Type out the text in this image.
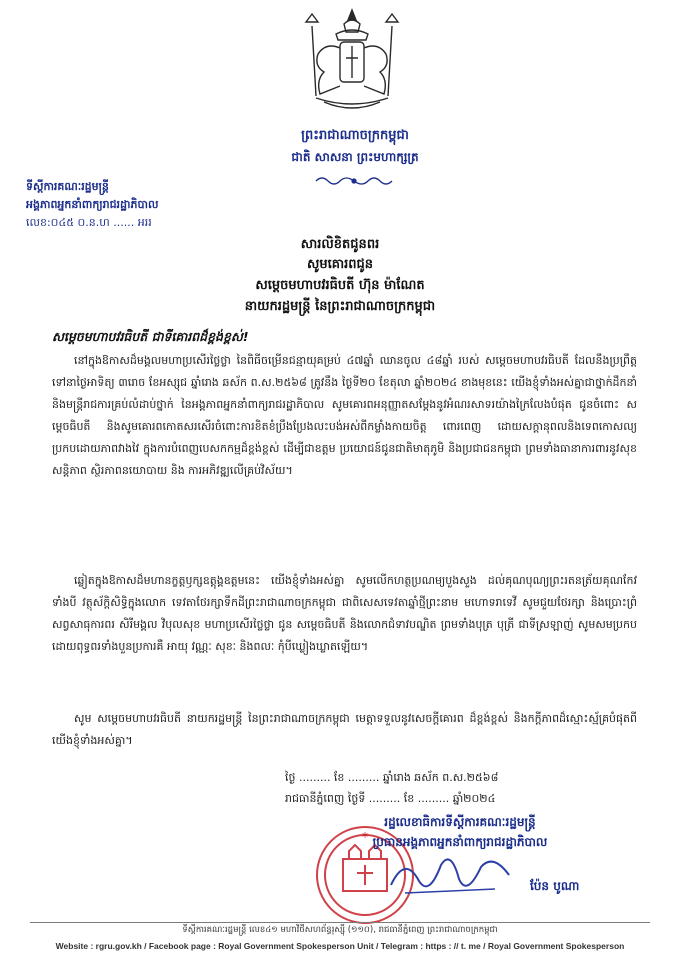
ព្រះរាជាណាចក្រកម្ពុជា
ជាតិ សាសនា ព្រះមហាក្សត្រ
ទីស្តីការគណៈរដ្ឋមន្ត្រី
អង្គភាពអ្នកនាំពាក្យរាជរដ្ឋាភិបាល
លេខ:០៤៥ ០.ន.ហ ...... អររ
សារលិខិតជូនពរ
សូមគោរពជូន
សម្តេចមហាបវរធិបតី ហ៊ុន ម៉ាណែត
នាយករដ្ឋមន្ត្រី នៃព្រះរាជាណាចក្រកម្ពុជា
សម្តេចមហាបវរធិបតី ជាទីគោរពដ៏ខ្ពង់ខ្ពស់!
នៅក្នុងឱកាសដ៏មង្គលមហាប្រសើរថ្លៃថ្លា នៃពិធីចម្រើនជន្មាយុគម្រប់ ៤៧ឆ្នាំ ឈានចូល ៤៨ឆ្នាំ របស់ សម្តេចមហាបវរធិបតី ដែលនឹងប្រព្រឹត្តទៅនាថ្ងៃអាទិត្យ ៣រោច ខែអស្សុជ ឆ្នាំរោង ឆស័ក ព.ស.២៥៦៨ ត្រូវនឹង ថ្ងៃទី២០ ខែតុលា ឆ្នាំ២០២៤ ខាងមុខនេះ យើងខ្ញុំទាំងអស់គ្នាជាថ្នាក់ដឹកនាំ និងមន្ត្រីរាជការគ្រប់លំដាប់ថ្នាក់ នៃអង្គភាពអ្នកនាំពាក្យរាជរដ្ឋាភិបាល សូមគោរពអនុញ្ញាតសម្តែងនូវអំណរសាទរយ៉ាងក្រៃលែងបំផុត ជូនចំពោះ សម្តេចធិបតី និងសូមគោរពកោតសរសើរចំពោះការខិតខំប្រឹងប្រែងលះបង់អស់ពីកម្លាំងកាយចិត្ត ពោរពេញ ដោយសក្តានុពលនិងទេពកោសល្យប្រកបដោយភាពវាងវៃ ក្នុងការបំពេញបេសកកម្មដ៏ខ្ពង់ខ្ពស់ ដើម្បីជាឧត្តម ប្រយោជន៍ជូនជាតិមាតុភូមិ និងប្រជាជនកម្ពុជា ព្រមទាំងធានាការពារនូវសុខសន្តិភាព ស្ថិរភាពនយោបាយ និង ការអភិវឌ្ឍលើគ្រប់វិស័យ។
ឆ្លៀតក្នុងឱកាសដ៏មហានក្ខត្តឫក្សឧត្តុង្គឧត្តមនេះ យើងខ្ញុំទាំងអស់គ្នា សូមលើកហត្ថប្រណម្យបួងសួង ដល់គុណបុណ្យព្រះរតនត្រ័យគុណកែវទាំងបី វត្ថុស័ក្តិសិទ្ធិក្នុងលោក ទេវតាថែរក្សាទឹកដីព្រះរាជាណាចក្រកម្ពុជា ជាពិសេសទេវតាឆ្នាំថ្មីព្រះនាម មហោទរាទេវី សូមជួយថែរក្សា និងប្រោះព្រំសព្វសាធុការពរ សិរីមង្គល វិបុលសុខ មហាប្រសើរថ្លៃថ្លា ជូន សម្តេចធិបតី និងលោកជំទាវបណ្ឌិត ព្រមទាំងបុត្រ បុត្រី ជាទីស្រឡាញ់ សូមសមប្រកប ដោយពុទ្ធពរទាំងបួនប្រការគឺ អាយុ វណ្ណៈ សុខៈ និងពលៈ កុំបីឃ្លៀងឃ្លាតឡើយ។
សូម សម្តេចមហាបវរធិបតី នាយករដ្ឋមន្ត្រី នៃព្រះរាជាណាចក្រកម្ពុជា មេត្តាទទួលនូវសេចក្តីគោរព ដ៏ខ្ពង់ខ្ពស់ និងកក្តីភាពដ៏ស្មោះស្ម័គ្របំផុតពីយើងខ្ញុំទាំងអស់គ្នា។
ថ្ងៃ ......... ខែ ......... ឆ្នាំរោង ឆស័ក ព.ស.២៥៦៨
រាជធានីភ្នំពេញ ថ្ងៃទី ......... ខែ ......... ឆ្នាំ២០២៤
*
រដ្ឋលេខាធិការទីស្តីការគណៈរដ្ឋមន្ត្រី
ប្រធានអង្គភាពអ្នកនាំពាក្យរាជរដ្ឋាភិបាល
ប៉ែន បូណា
ទីស្តីការគណៈរដ្ឋមន្ត្រី លេខ៤១ មហាវិថីសហព័ន្ធរុស្ស៊ី (១១០), រាជធានីភ្នំពេញ ព្រះរាជាណាចក្រកម្ពុជា
Website : rgru.gov.kh / Facebook page : Royal Government Spokesperson Unit / Telegram : https : // t. me / Royal Government Spokesperson
